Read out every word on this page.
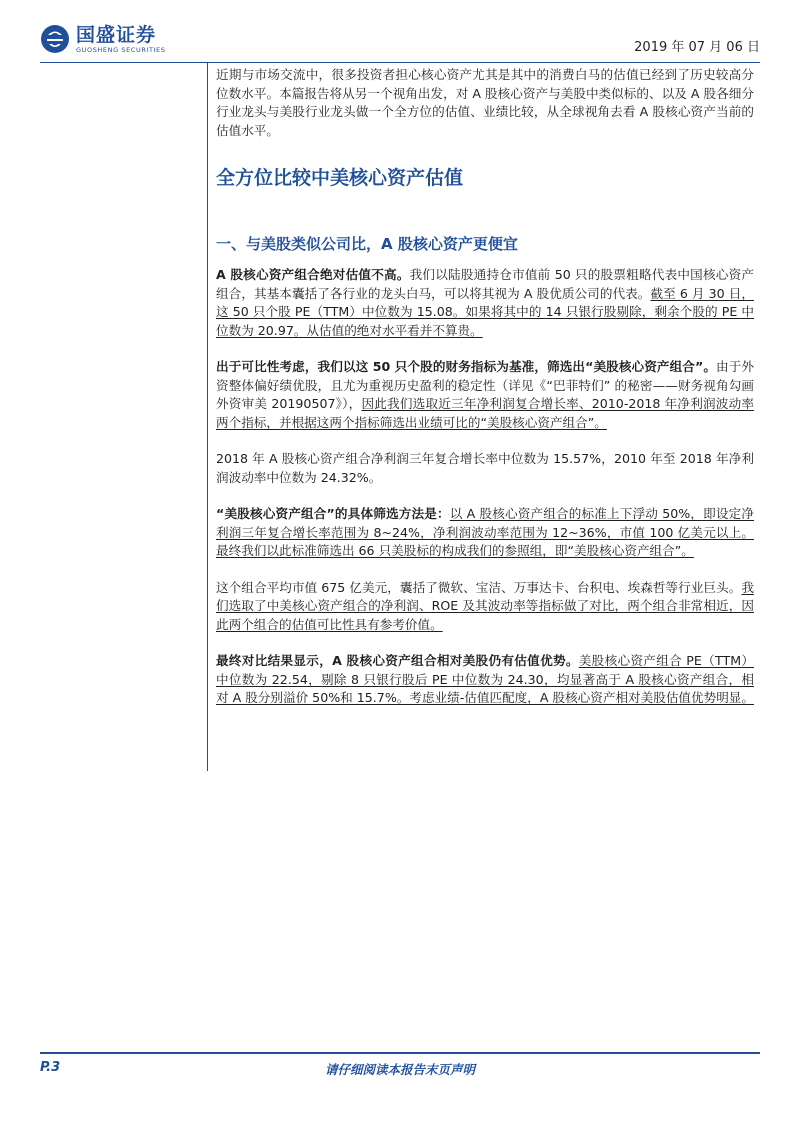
国盛证券
GUOSHENG SECURITIES	2019 年 07 月 06 日

近期与市场交流中，很多投资者担心核心资产尤其是其中的消费白马的估值已经到了历史较高分位数水平。本篇报告将从另一个视角出发，对 A 股核心资产与美股中类似标的、以及 A 股各细分行业龙头与美股行业龙头做一个全方位的估值、业绩比较，从全球视角去看 A 股核心资产当前的估值水平。

全方位比较中美核心资产估值
一、与美股类似公司比，A 股核心资产更便宜

A 股核心资产组合绝对估值不高。我们以陆股通持仓市值前 50 只的股票粗略代表中国核心资产组合，其基本囊括了各行业的龙头白马，可以将其视为 A 股优质公司的代表。截至 6 月 30 日，这 50 只个股 PE（TTM）中位数为 15.08。如果将其中的 14 只银行股剔除，剩余个股的 PE 中位数为 20.97。从估值的绝对水平看并不算贵。

出于可比性考虑，我们以这 50 只个股的财务指标为基准，筛选出“美股核心资产组合”。由于外资整体偏好绩优股，且尤为重视历史盈利的稳定性（详见《“巴菲特们” 的秘密——财务视角勾画外资审美 20190507》），因此我们选取近三年净利润复合增长率、2010-2018 年净利润波动率两个指标，并根据这两个指标筛选出业绩可比的“美股核心资产组合”。

2018 年 A 股核心资产组合净利润三年复合增长率中位数为 15.57%，2010 年至 2018 年净利润波动率中位数为 24.32%。

“美股核心资产组合”的具体筛选方法是：以 A 股核心资产组合的标准上下浮动 50%，即设定净利润三年复合增长率范围为 8~24%，净利润波动率范围为 12~36%，市值 100 亿美元以上。最终我们以此标准筛选出 66 只美股标的构成我们的参照组，即“美股核心资产组合”。

这个组合平均市值 675 亿美元，囊括了微软、宝洁、万事达卡、台积电、埃森哲等行业巨头。我们选取了中美核心资产组合的净利润、ROE 及其波动率等指标做了对比，两个组合非常相近，因此两个组合的估值可比性具有参考价值。

最终对比结果显示，A 股核心资产组合相对美股仍有估值优势。美股核心资产组合 PE（TTM）中位数为 22.54，剔除 8 只银行股后 PE 中位数为 24.30，均显著高于 A 股核心资产组合，相对 A 股分别溢价 50%和 15.7%。考虑业绩-估值匹配度，A 股核心资产相对美股估值优势明显。

P.3	请仔细阅读本报告末页声明
